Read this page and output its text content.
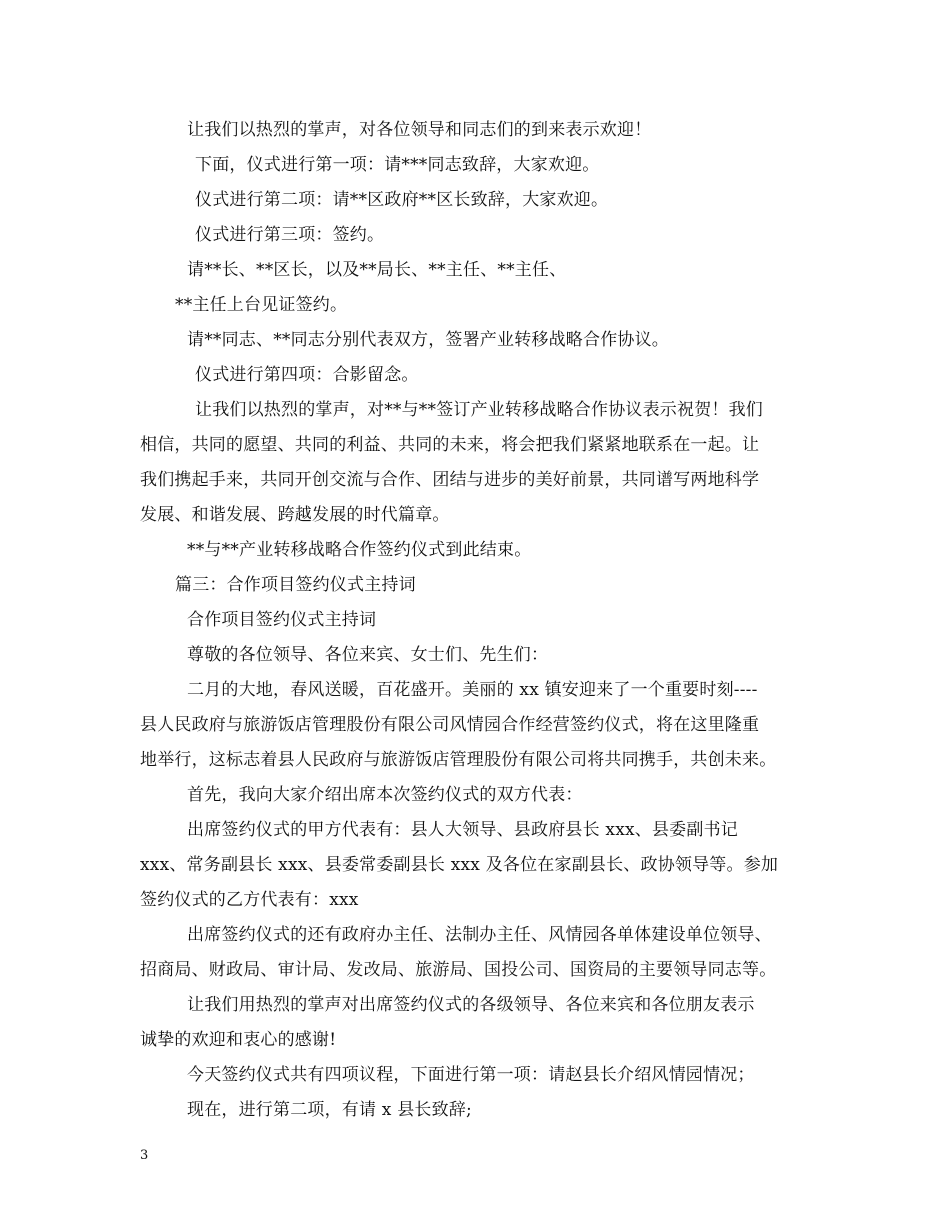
让我们以热烈的掌声，对各位领导和同志们的到来表示欢迎！
下面，仪式进行第一项：请***同志致辞，大家欢迎。
仪式进行第二项：请**区政府**区长致辞，大家欢迎。
仪式进行第三项：签约。
请**长、**区长，以及**局长、**主任、**主任、
**主任上台见证签约。
请**同志、**同志分别代表双方，签署产业转移战略合作协议。
仪式进行第四项：合影留念。
让我们以热烈的掌声，对**与**签订产业转移战略合作协议表示祝贺！我们
相信，共同的愿望、共同的利益、共同的未来，将会把我们紧紧地联系在一起。让
我们携起手来，共同开创交流与合作、团结与进步的美好前景，共同谱写两地科学
发展、和谐发展、跨越发展的时代篇章。
**与**产业转移战略合作签约仪式到此结束。
篇三：合作项目签约仪式主持词
合作项目签约仪式主持词
尊敬的各位领导、各位来宾、女士们、先生们：
二月的大地，春风送暖，百花盛开。美丽的 xx 镇安迎来了一个重要时刻----
县人民政府与旅游饭店管理股份有限公司风情园合作经营签约仪式，将在这里隆重
地举行，这标志着县人民政府与旅游饭店管理股份有限公司将共同携手，共创未来。
首先，我向大家介绍出席本次签约仪式的双方代表：
出席签约仪式的甲方代表有：县人大领导、县政府县长 xxx、县委副书记
xxx、常务副县长 xxx、县委常委副县长 xxx 及各位在家副县长、政协领导等。参加
签约仪式的乙方代表有：xxx
出席签约仪式的还有政府办主任、法制办主任、风情园各单体建设单位领导、
招商局、财政局、审计局、发改局、旅游局、国投公司、国资局的主要领导同志等。
让我们用热烈的掌声对出席签约仪式的各级领导、各位来宾和各位朋友表示
诚挚的欢迎和衷心的感谢!
今天签约仪式共有四项议程，下面进行第一项：请赵县长介绍风情园情况；
现在，进行第二项，有请 x 县长致辞;
3
